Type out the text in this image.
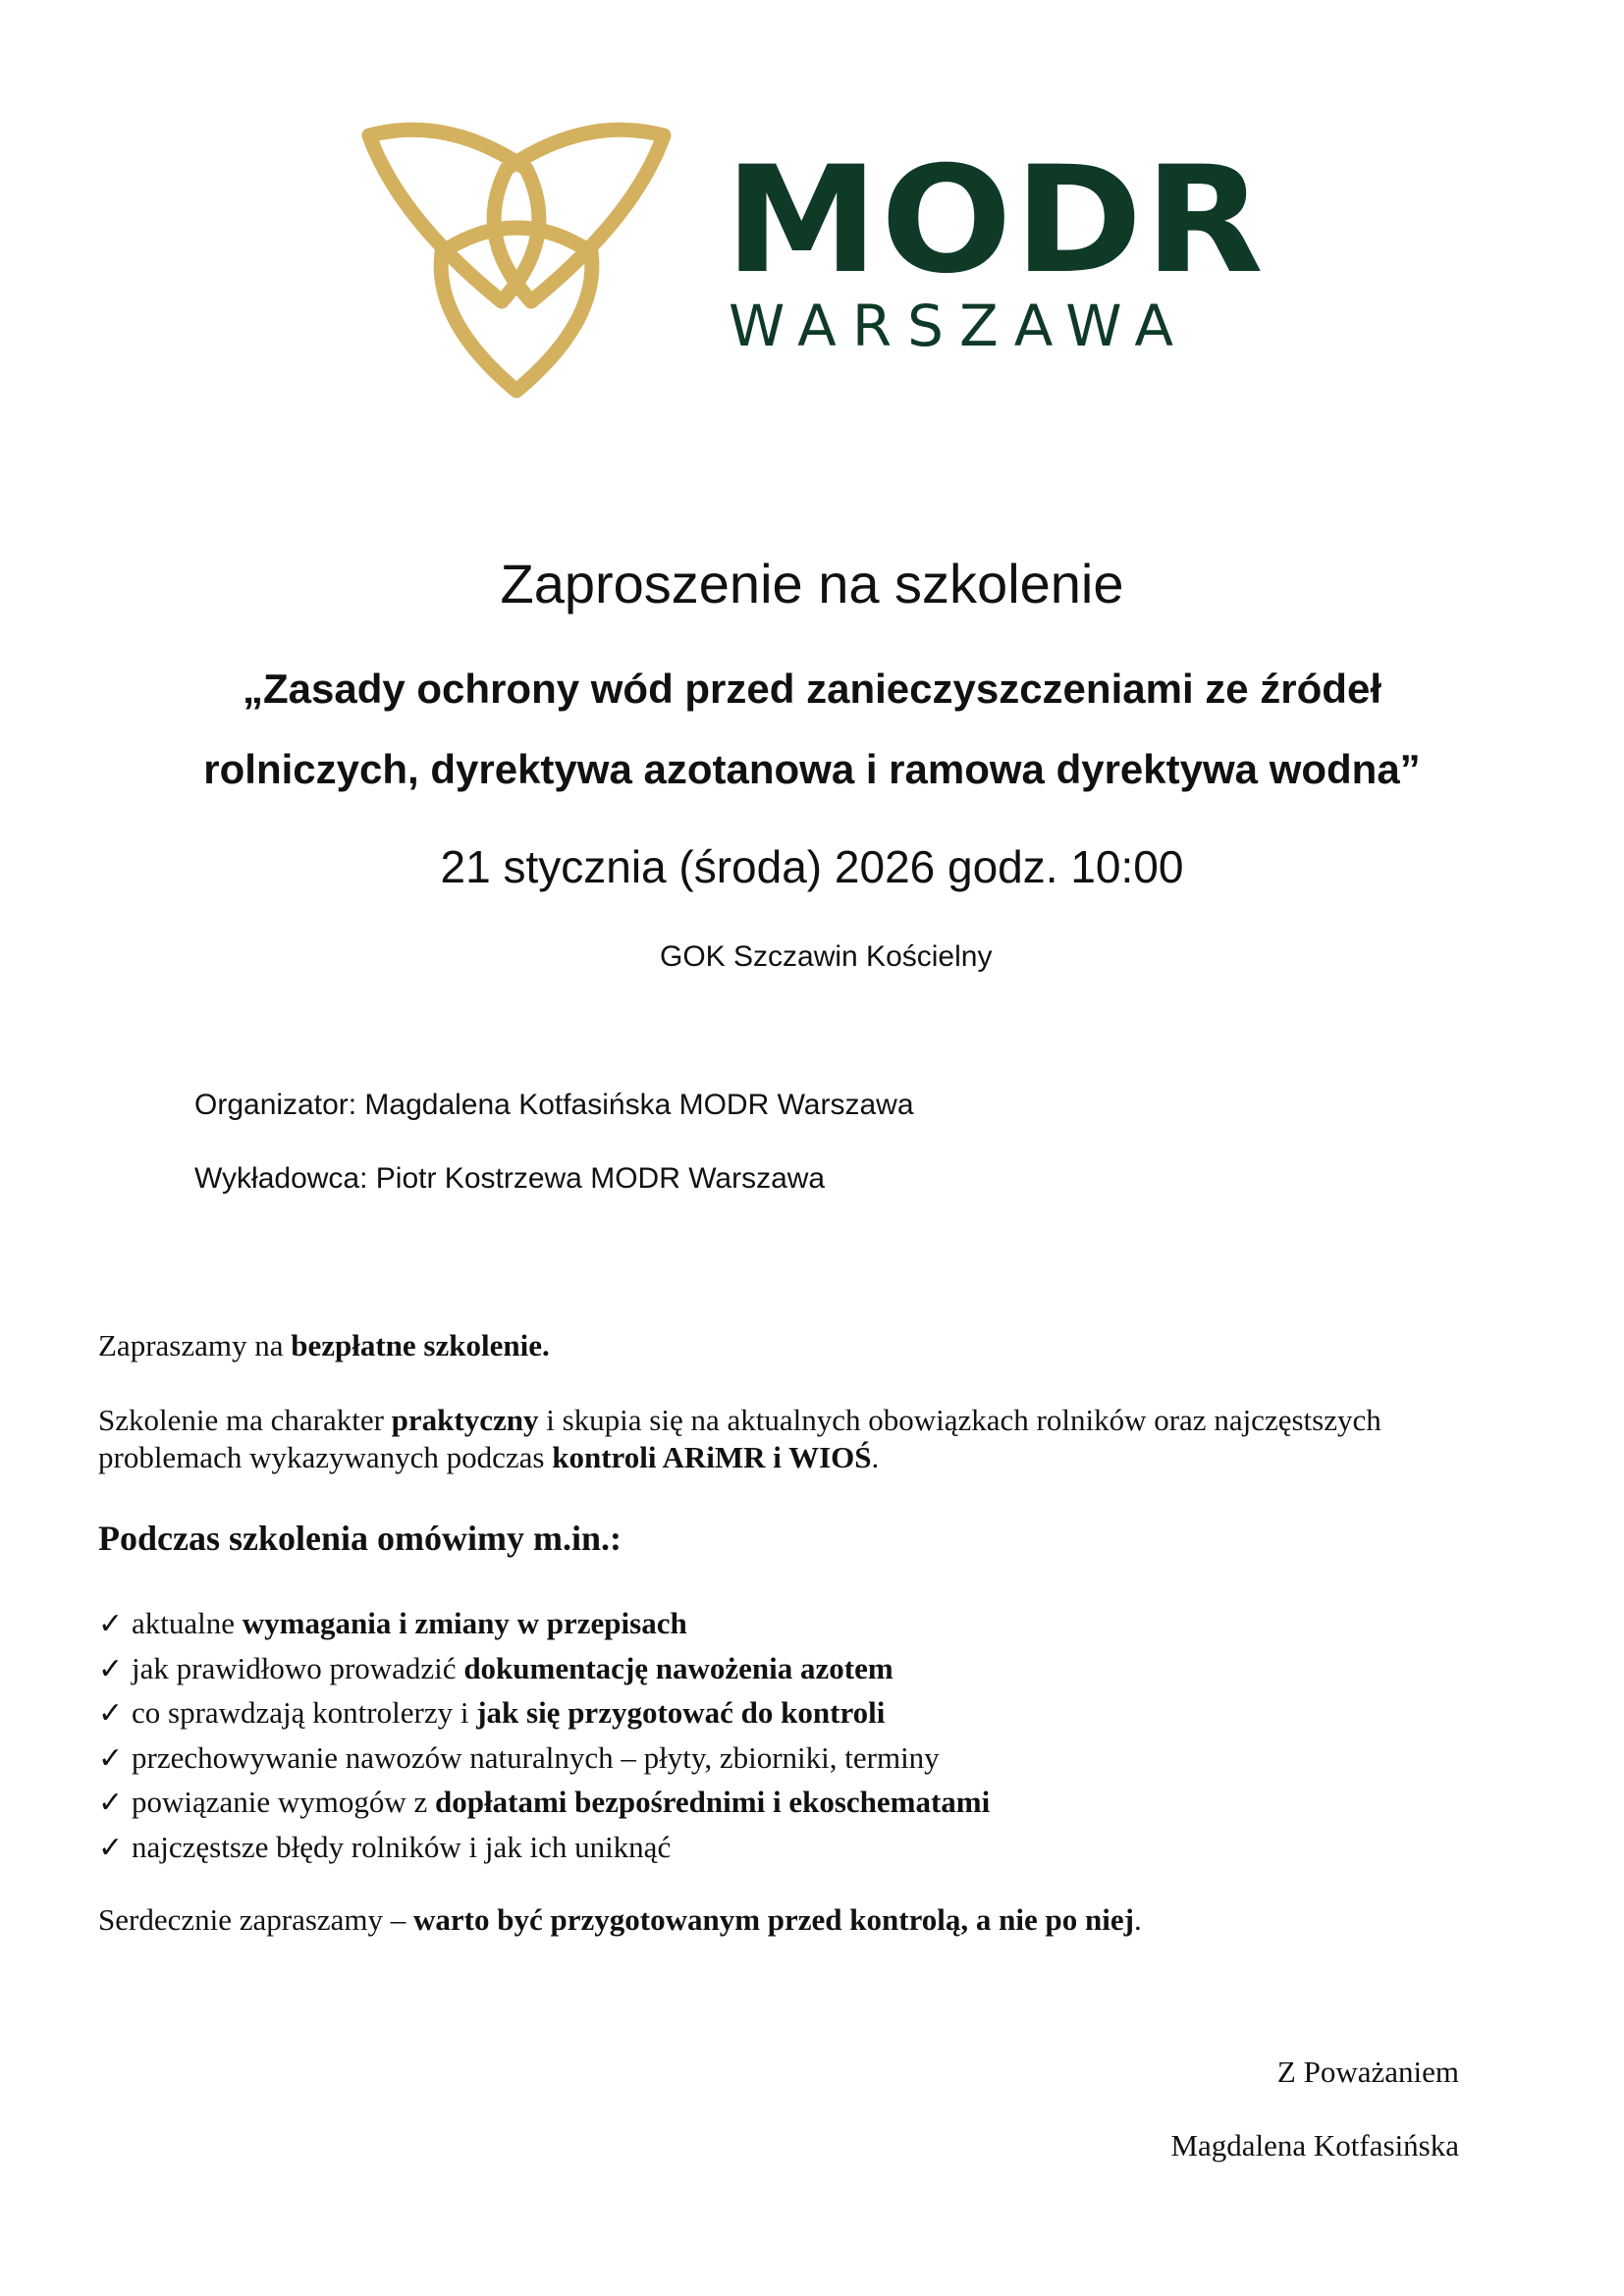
MODR
WARSZAWA
Zaproszenie na szkolenie
„Zasady ochrony wód przed zanieczyszczeniami ze źródeł
rolniczych, dyrektywa azotanowa i ramowa dyrektywa wodna”
21 stycznia (środa) 2026 godz. 10:00
GOK Szczawin Kościelny
Organizator: Magdalena Kotfasińska MODR Warszawa
Wykładowca: Piotr Kostrzewa MODR Warszawa
Zapraszamy na bezpłatne szkolenie.
Szkolenie ma charakter praktyczny i skupia się na aktualnych obowiązkach rolników oraz najczęstszych problemach wykazywanych podczas kontroli ARiMR i WIOŚ.
Podczas szkolenia omówimy m.in.:
✓ aktualne wymagania i zmiany w przepisach
✓ jak prawidłowo prowadzić dokumentację nawożenia azotem
✓ co sprawdzają kontrolerzy i jak się przygotować do kontroli
✓ przechowywanie nawozów naturalnych – płyty, zbiorniki, terminy
✓ powiązanie wymogów z dopłatami bezpośrednimi i ekoschematami
✓ najczęstsze błędy rolników i jak ich uniknąć
Serdecznie zapraszamy – warto być przygotowanym przed kontrolą, a nie po niej.
Z Poważaniem
Magdalena Kotfasińska
